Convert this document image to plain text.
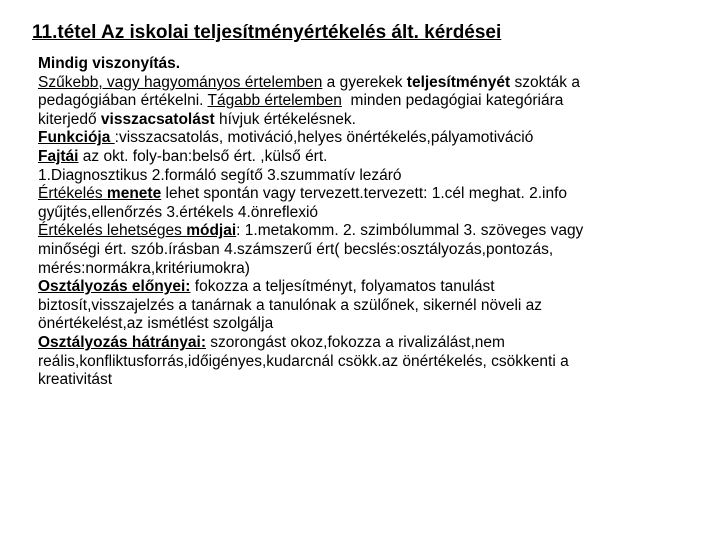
11.tétel Az iskolai teljesítményértékelés ált. kérdései

Mindig viszonyítás.

Szűkebb, vagy hagyományos értelemben a gyerekek teljesítményét szokták a
pedagógiában értékelni. Tágabb értelemben  minden pedagógiai kategóriára
kiterjedő visszacsatolást hívjuk értékelésnek.

Funkciója :visszacsatolás, motiváció,helyes önértékelés,pályamotiváció

Fajtái az okt. foly-ban:belső ért. ,külső ért.

1.Diagnosztikus 2.formáló segítő 3.szummatív lezáró

Értékelés menete lehet spontán vagy tervezett.tervezett: 1.cél meghat. 2.info
gyűjtés,ellenőrzés 3.értékels 4.önreflexió

Értékelés lehetséges módjai: 1.metakomm. 2. szimbólummal 3. szöveges vagy
minőségi ért. szób.írásban 4.számszerű ért( becslés:osztályozás,pontozás,
mérés:normákra,kritériumokra)

Osztályozás előnyei: fokozza a teljesítményt, folyamatos tanulást
biztosít,visszajelzés a tanárnak a tanulónak a szülőnek, sikernél növeli az
önértékelést,az ismétlést szolgálja

Osztályozás hátrányai: szorongást okoz,fokozza a rivalizálást,nem
reális,konfliktusforrás,időigényes,kudarcnál csökk.az önértékelés, csökkenti a
kreativitást
